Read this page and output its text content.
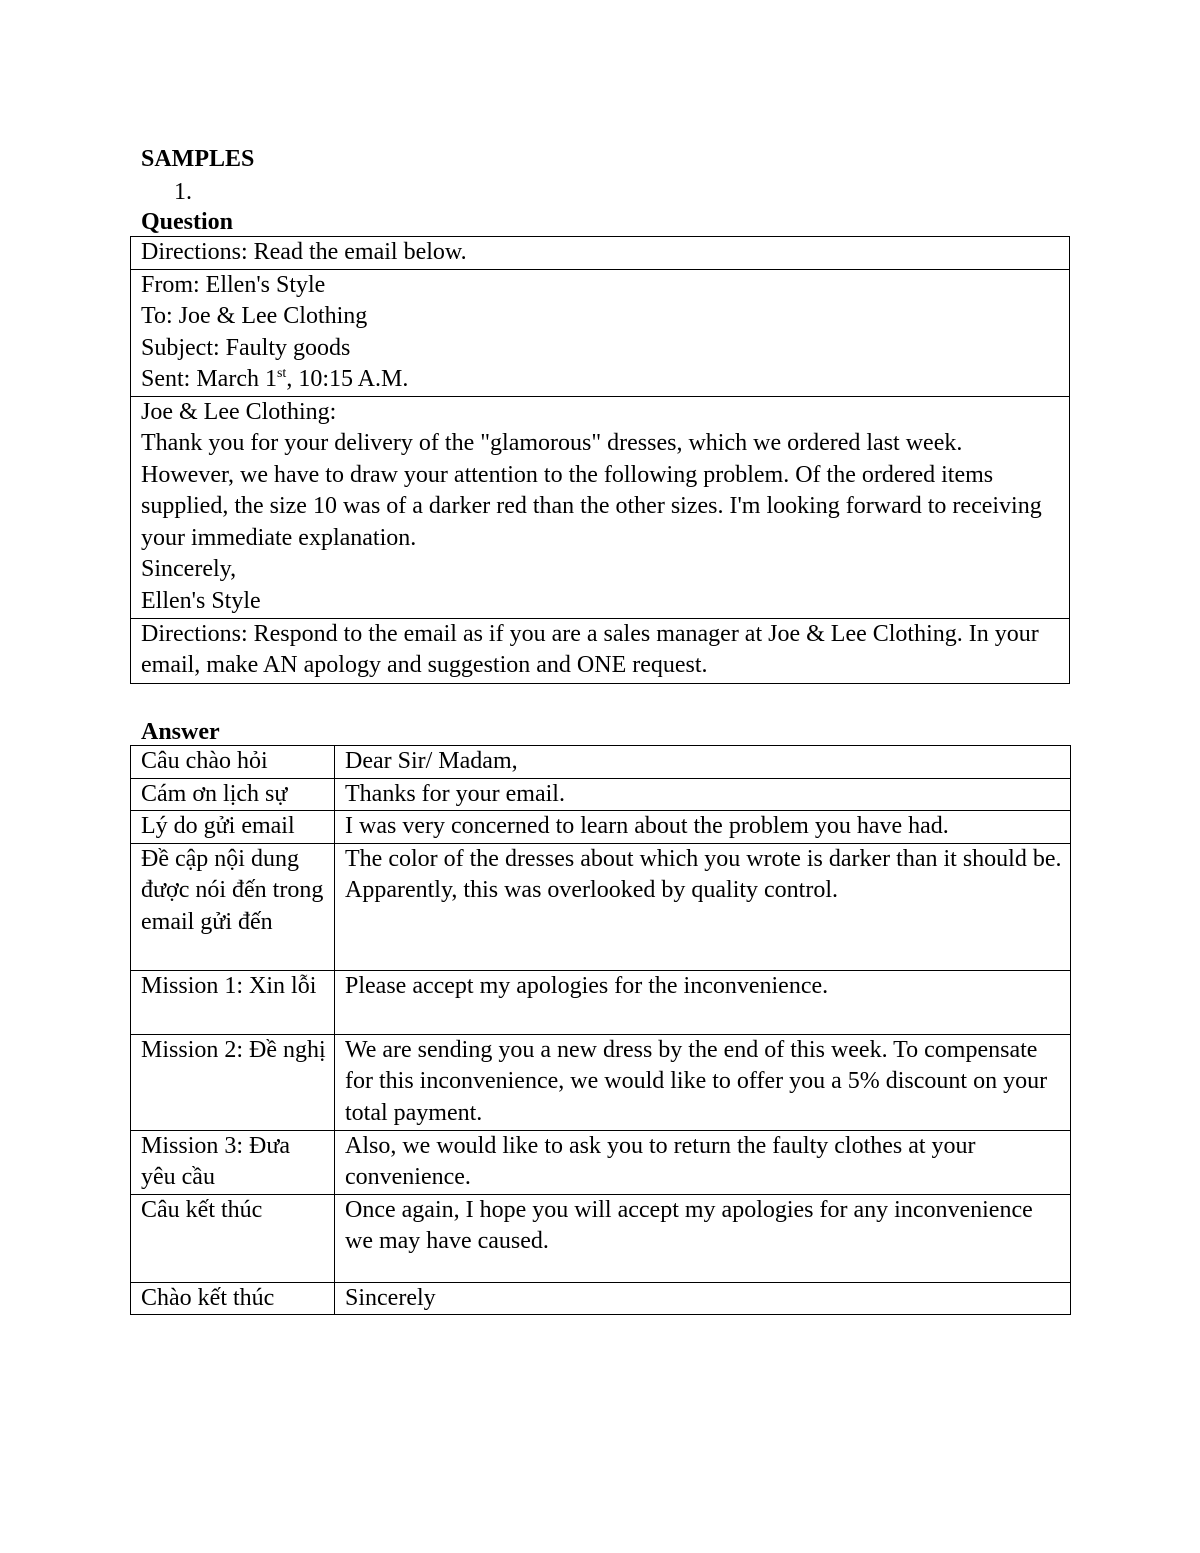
SAMPLES
1.
Question
Directions: Read the email below.

From: Ellen's Style
To: Joe & Lee Clothing
Subject: Faulty goods
Sent: March 1st, 10:15 A.M.

Joe & Lee Clothing:
Thank you for your delivery of the "glamorous" dresses, which we ordered last week. However, we have to draw your attention to the following problem. Of the ordered items supplied, the size 10 was of a darker red than the other sizes. I'm looking forward to receiving your immediate explanation.
Sincerely,
Ellen's Style

Directions: Respond to the email as if you are a sales manager at Joe & Lee Clothing. In your email, make AN apology and suggestion and ONE request.
Answer
Câu chào hỏi	Dear Sir/ Madam,
Cám ơn lịch sự	Thanks for your email.
Lý do gửi email	I was very concerned to learn about the problem you have had.
Đề cập nội dung được nói đến trong email gửi đến	The color of the dresses about which you wrote is darker than it should be. Apparently, this was overlooked by quality control.
Mission 1: Xin lỗi	Please accept my apologies for the inconvenience.
Mission 2: Đề nghị	We are sending you a new dress by the end of this week. To compensate for this inconvenience, we would like to offer you a 5% discount on your total payment.
Mission 3: Đưa yêu cầu	Also, we would like to ask you to return the faulty clothes at your convenience.
Câu kết thúc	Once again, I hope you will accept my apologies for any inconvenience we may have caused.
Chào kết thúc	Sincerely
